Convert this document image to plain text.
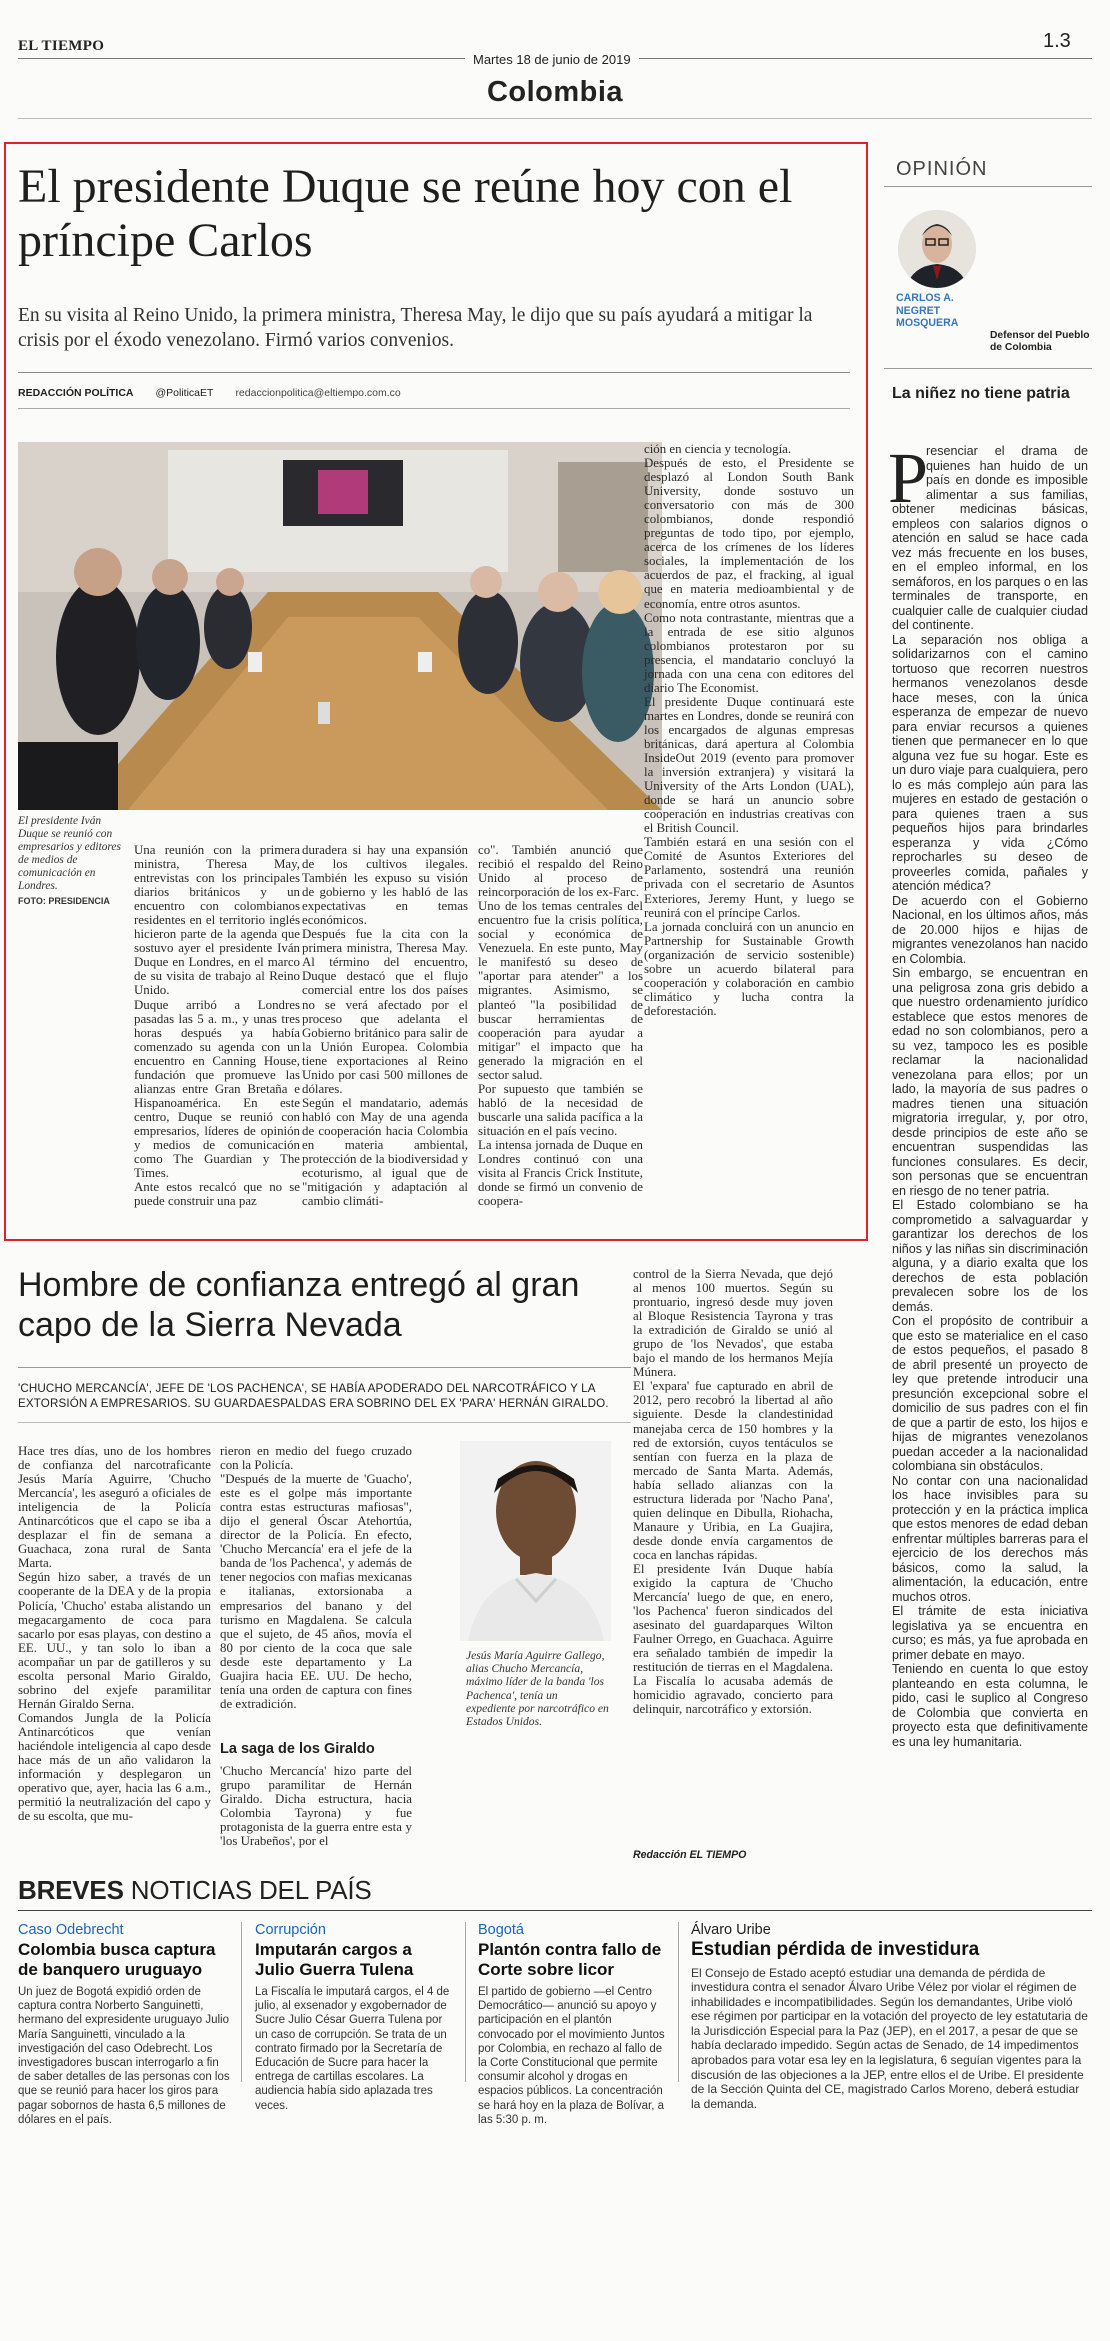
EL TIEMPO	1.3
Martes 18 de junio de 2019
Colombia
El presidente Duque se reúne hoy con el príncipe Carlos

En su visita al Reino Unido, la primera ministra, Theresa May, le dijo que su país ayudará a mitigar la crisis por el éxodo venezolano. Firmó varios convenios.

REDACCIÓN POLÍTICA @PoliticaET redaccionpolitica@eltiempo.com.co

El presidente Iván Duque se reunió con empresarios y editores de medios de comunicación en Londres.
FOTO: PRESIDENCIA

Una reunión con la primera ministra, Theresa May, entrevistas con los principales diarios británicos y un encuentro con colombianos residentes en el territorio inglés hicieron parte de la agenda que sostuvo ayer el presidente Iván Duque en Londres, en el marco de su visita de trabajo al Reino Unido.
Duque arribó a Londres pasadas las 5 a. m., y unas tres horas después ya había comenzado su agenda con un encuentro en Canning House, fundación que promueve las alianzas entre Gran Bretaña e Hispanoamérica. En este centro, Duque se reunió con empresarios, líderes de opinión y medios de comunicación como The Guardian y The Times.
Ante estos recalcó que no se puede construir una paz
duradera si hay una expansión de los cultivos ilegales. También les expuso su visión de gobierno y les habló de las expectativas en temas económicos.
Después fue la cita con la primera ministra, Theresa May. Al término del encuentro, Duque destacó que el flujo comercial entre los dos países no se verá afectado por el proceso que adelanta el Gobierno británico para salir de la Unión Europea. Colombia tiene exportaciones al Reino Unido por casi 500 millones de dólares.
Según el mandatario, además habló con May de una agenda de cooperación hacia Colombia en materia ambiental, protección de la biodiversidad y ecoturismo, al igual que de "mitigación y adaptación al cambio climáti-
co". También anunció que recibió el respaldo del Reino Unido al proceso de reincorporación de los ex-Farc.
Uno de los temas centrales del encuentro fue la crisis política, social y económica de Venezuela. En este punto, May le manifestó su deseo de "aportar para atender" a los migrantes. Asimismo, se planteó "la posibilidad de buscar herramientas de cooperación para ayudar a mitigar" el impacto que ha generado la migración en el sector salud.
Por supuesto que también se habló de la necesidad de buscarle una salida pacífica a la situación en el país vecino.
La intensa jornada de Duque en Londres continuó con una visita al Francis Crick Institute, donde se firmó un convenio de coopera-
ción en ciencia y tecnología.
Después de esto, el Presidente se desplazó al London South Bank University, donde sostuvo un conversatorio con más de 300 colombianos, donde respondió preguntas de todo tipo, por ejemplo, acerca de los crímenes de los líderes sociales, la implementación de los acuerdos de paz, el fracking, al igual que en materia medioambiental y de economía, entre otros asuntos.
Como nota contrastante, mientras que a la entrada de ese sitio algunos colombianos protestaron por su presencia, el mandatario concluyó la jornada con una cena con editores del diario The Economist.
El presidente Duque continuará este martes en Londres, donde se reunirá con los encargados de algunas empresas británicas, dará apertura al Colombia InsideOut 2019 (evento para promover la inversión extranjera) y visitará la University of the Arts London (UAL), donde se hará un anuncio sobre cooperación en industrias creativas con el British Council.
También estará en una sesión con el Comité de Asuntos Exteriores del Parlamento, sostendrá una reunión privada con el secretario de Asuntos Exteriores, Jeremy Hunt, y luego se reunirá con el príncipe Carlos.
La jornada concluirá con un anuncio en Partnership for Sustainable Growth (organización de servicio sostenible) sobre un acuerdo bilateral para cooperación y colaboración en cambio climático y lucha contra la deforestación.
Hombre de confianza entregó al gran capo de la Sierra Nevada

'CHUCHO MERCANCÍA', JEFE DE 'LOS PACHENCA', SE HABÍA APODERADO DEL NARCOTRÁFICO Y LA EXTORSIÓN A EMPRESARIOS. SU GUARDAESPALDAS ERA SOBRINO DEL EX 'PARA' HERNÁN GIRALDO.

Hace tres días, uno de los hombres de confianza del narcotraficante Jesús María Aguirre, 'Chucho Mercancía', les aseguró a oficiales de inteligencia de la Policía Antinarcóticos que el capo se iba a desplazar el fin de semana a Guachaca, zona rural de Santa Marta.
Según hizo saber, a través de un cooperante de la DEA y de la propia Policía, 'Chucho' estaba alistando un megacargamento de coca para sacarlo por esas playas, con destino a EE. UU., y tan solo lo iban a acompañar un par de gatilleros y su escolta personal Mario Giraldo, sobrino del exjefe paramilitar Hernán Giraldo Serna.
Comandos Jungla de la Policía Antinarcóticos que venían haciéndole inteligencia al capo desde hace más de un año validaron la información y desplegaron un operativo que, ayer, hacia las 6 a.m., permitió la neutralización del capo y de su escolta, que mu-
rieron en medio del fuego cruzado con la Policía.
"Después de la muerte de 'Guacho', este es el golpe más importante contra estas estructuras mafiosas", dijo el general Óscar Atehortúa, director de la Policía. En efecto, 'Chucho Mercancía' era el jefe de la banda de 'los Pachenca', y además de tener negocios con mafias mexicanas e italianas, extorsionaba a empresarios del banano y del turismo en Magdalena. Se calcula que el sujeto, de 45 años, movía el 80 por ciento de la coca que sale desde este departamento y La Guajira hacia EE. UU. De hecho, tenía una orden de captura con fines de extradición.
La saga de los Giraldo
'Chucho Mercancía' hizo parte del grupo paramilitar de Hernán Giraldo. Dicha estructura, hacia Colombia Tayrona) y fue protagonista de la guerra entre esta y 'los Urabeños', por el

Jesús María Aguirre Gallego, alias Chucho Mercancía, máximo líder de la banda 'los Pachenca', tenía un expediente por narcotráfico en Estados Unidos.

control de la Sierra Nevada, que dejó al menos 100 muertos. Según su prontuario, ingresó desde muy joven al Bloque Resistencia Tayrona y tras la extradición de Giraldo se unió al grupo de 'los Nevados', que estaba bajo el mando de los hermanos Mejía Múnera.
El 'expara' fue capturado en abril de 2012, pero recobró la libertad al año siguiente. Desde la clandestinidad manejaba cerca de 150 hombres y la red de extorsión, cuyos tentáculos se sentían con fuerza en la plaza de mercado de Santa Marta. Además, había sellado alianzas con la estructura liderada por 'Nacho Pana', quien delinque en Dibulla, Riohacha, Manaure y Uribia, en La Guajira, desde donde envía cargamentos de coca en lanchas rápidas.
El presidente Iván Duque había exigido la captura de 'Chucho Mercancía' luego de que, en enero, 'los Pachenca' fueron sindicados del asesinato del guardaparques Wilton Faulner Orrego, en Guachaca. Aguirre era señalado también de impedir la restitución de tierras en el Magdalena. La Fiscalía lo acusaba además de homicidio agravado, concierto para delinquir, narcotráfico y extorsión.
Redacción EL TIEMPO
BREVES NOTICIAS DEL PAÍS
Caso Odebrecht
Colombia busca captura de banquero uruguayo
Un juez de Bogotá expidió orden de captura contra Norberto Sanguinetti, hermano del expresidente uruguayo Julio María Sanguinetti, vinculado a la investigación del caso Odebrecht. Los investigadores buscan interrogarlo a fin de saber detalles de las personas con los que se reunió para hacer los giros para pagar sobornos de hasta 6,5 millones de dólares en el país.
Corrupción
Imputarán cargos a Julio Guerra Tulena
La Fiscalía le imputará cargos, el 4 de julio, al exsenador y exgobernador de Sucre Julio César Guerra Tulena por un caso de corrupción. Se trata de un contrato firmado por la Secretaría de Educación de Sucre para hacer la entrega de cartillas escolares. La audiencia había sido aplazada tres veces.
Bogotá
Plantón contra fallo de Corte sobre licor
El partido de gobierno —el Centro Democrático— anunció su apoyo y participación en el plantón convocado por el movimiento Juntos por Colombia, en rechazo al fallo de la Corte Constitucional que permite consumir alcohol y drogas en espacios públicos. La concentración se hará hoy en la plaza de Bolívar, a las 5:30 p. m.
Álvaro Uribe
Estudian pérdida de investidura
El Consejo de Estado aceptó estudiar una demanda de pérdida de investidura contra el senador Álvaro Uribe Vélez por violar el régimen de inhabilidades e incompatibilidades. Según los demandantes, Uribe violó ese régimen por participar en la votación del proyecto de ley estatutaria de la Jurisdicción Especial para la Paz (JEP), en el 2017, a pesar de que se había declarado impedido. Según actas de Senado, de 14 impedimentos aprobados para votar esa ley en la legislatura, 6 seguían vigentes para la discusión de las objeciones a la JEP, entre ellos el de Uribe. El presidente de la Sección Quinta del CE, magistrado Carlos Moreno, deberá estudiar la demanda.
OPINIÓN
CARLOS A. NEGRET MOSQUERA
Defensor del Pueblo de Colombia
La niñez no tiene patria
P
resenciar el drama de quienes han huido de un país en donde es imposible alimentar a sus familias, obtener medicinas básicas, empleos con salarios dignos o atención en salud se hace cada vez más frecuente en los buses, en el empleo informal, en los semáforos, en los parques o en las terminales de transporte, en cualquier calle de cualquier ciudad del continente.
La separación nos obliga a solidarizarnos con el camino tortuoso que recorren nuestros hermanos venezolanos desde hace meses, con la única esperanza de empezar de nuevo para enviar recursos a quienes tienen que permanecer en lo que alguna vez fue su hogar. Este es un duro viaje para cualquiera, pero lo es más complejo aún para las mujeres en estado de gestación o para quienes traen a sus pequeños hijos para brindarles esperanza y vida ¿Cómo reprocharles su deseo de proveerles comida, pañales y atención médica?
De acuerdo con el Gobierno Nacional, en los últimos años, más de 20.000 hijos e hijas de migrantes venezolanos han nacido en Colombia.
Sin embargo, se encuentran en una peligrosa zona gris debido a que nuestro ordenamiento jurídico establece que estos menores de edad no son colombianos, pero a su vez, tampoco les es posible reclamar la nacionalidad venezolana para ellos; por un lado, la mayoría de sus padres o madres tienen una situación migratoria irregular, y, por otro, desde principios de este año se encuentran suspendidas las funciones consulares. Es decir, son personas que se encuentran en riesgo de no tener patria.
El Estado colombiano se ha comprometido a salvaguardar y garantizar los derechos de los niños y las niñas sin discriminación alguna, y a diario exalta que los derechos de esta población prevalecen sobre los de los demás.
Con el propósito de contribuir a que esto se materialice en el caso de estos pequeños, el pasado 8 de abril presenté un proyecto de ley que pretende introducir una presunción excepcional sobre el domicilio de sus padres con el fin de que a partir de esto, los hijos e hijas de migrantes venezolanos puedan acceder a la nacionalidad colombiana sin obstáculos.
No contar con una nacionalidad los hace invisibles para su protección y en la práctica implica que estos menores de edad deban enfrentar múltiples barreras para el ejercicio de los derechos más básicos, como la salud, la alimentación, la educación, entre muchos otros.
El trámite de esta iniciativa legislativa ya se encuentra en curso; es más, ya fue aprobada en primer debate en mayo.
Teniendo en cuenta lo que estoy planteando en esta columna, le pido, casi le suplico al Congreso de Colombia que convierta en proyecto esta que definitivamente es una ley humanitaria.
